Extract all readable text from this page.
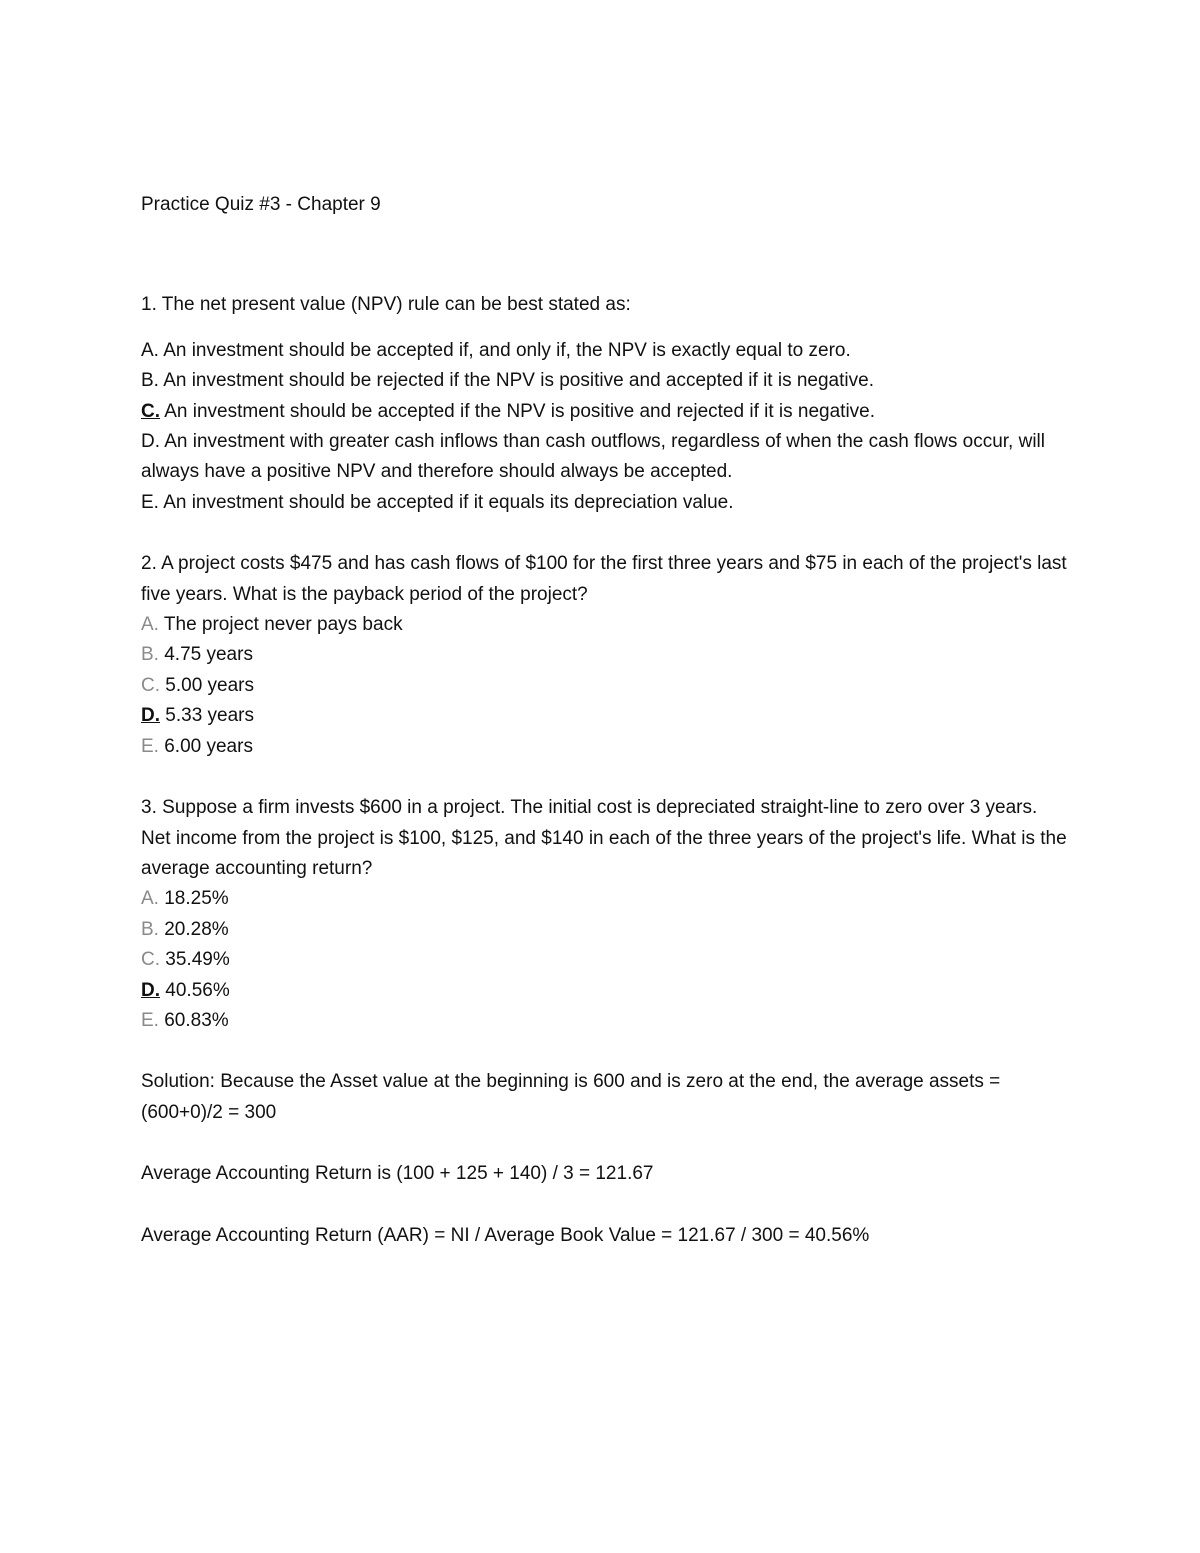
Practice Quiz #3 - Chapter 9

1. The net present value (NPV) rule can be best stated as:

A. An investment should be accepted if, and only if, the NPV is exactly equal to zero.

B. An investment should be rejected if the NPV is positive and accepted if it is negative.

C. An investment should be accepted if the NPV is positive and rejected if it is negative.

D. An investment with greater cash inflows than cash outflows, regardless of when the cash flows occur, will always have a positive NPV and therefore should always be accepted.

E. An investment should be accepted if it equals its depreciation value.

2. A project costs $475 and has cash flows of $100 for the first three years and $75 in each of the project's last five years. What is the payback period of the project?

A. The project never pays back

B. 4.75 years

C. 5.00 years

D. 5.33 years

E. 6.00 years

3. Suppose a firm invests $600 in a project. The initial cost is depreciated straight-line to zero over 3 years. Net income from the project is $100, $125, and $140 in each of the three years of the project's life. What is the average accounting return?

A. 18.25%

B. 20.28%

C. 35.49%

D. 40.56%

E. 60.83%

Solution: Because the Asset value at the beginning is 600 and is zero at the end, the average assets = (600+0)/2 = 300

Average Accounting Return is (100 + 125 + 140) / 3 = 121.67

Average Accounting Return (AAR) = NI / Average Book Value = 121.67 / 300 = 40.56%
